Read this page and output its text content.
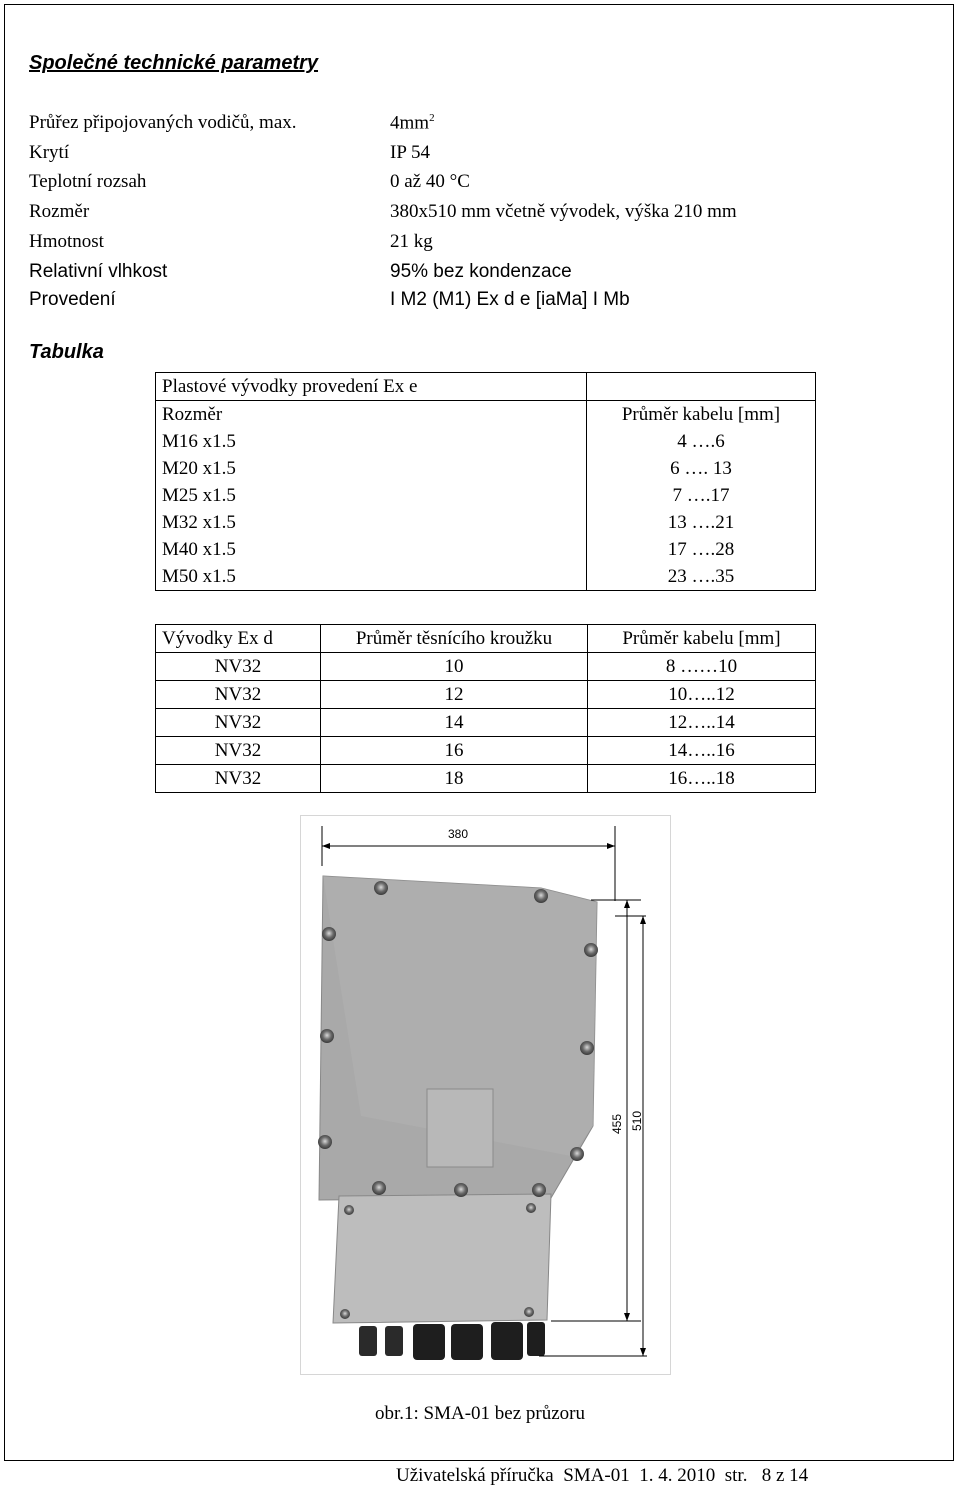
Společné technické parametry
Průřez připojovaných vodičů, max.	$4mm^2$
Krytí	IP 54
Teplotní rozsah	0 až 40 °C
Rozměr	380x510 mm včetně vývodek, výška 210 mm
Hmotnost	21 kg
Relativní vlhkost	95% bez kondenzace
Provedení	I M2 (M1) Ex d e [iaMa] I Mb
Tabulka
Plastové vývodky provedení Ex e	
Rozměr	Průměr kabelu [mm]
M16 x1.5	4 ….6
M20 x1.5	6 …. 13
M25 x1.5	7 ….17
M32 x1.5	13 ….21
M40 x1.5	17 ….28
M50 x1.5	23 ….35
Vývodky Ex d	Průměr těsnícího kroužku	Průměr kabelu [mm]
NV32	10	8 ……10
NV32	12	10…..12
NV32	14	12…..14
NV32	16	14…..16
NV32	18	16…..18
380
455 510
obr.1: SMA-01 bez průzoru
Uživatelská příručka  SMA-01  1. 4. 2010  str.   8 z 14
